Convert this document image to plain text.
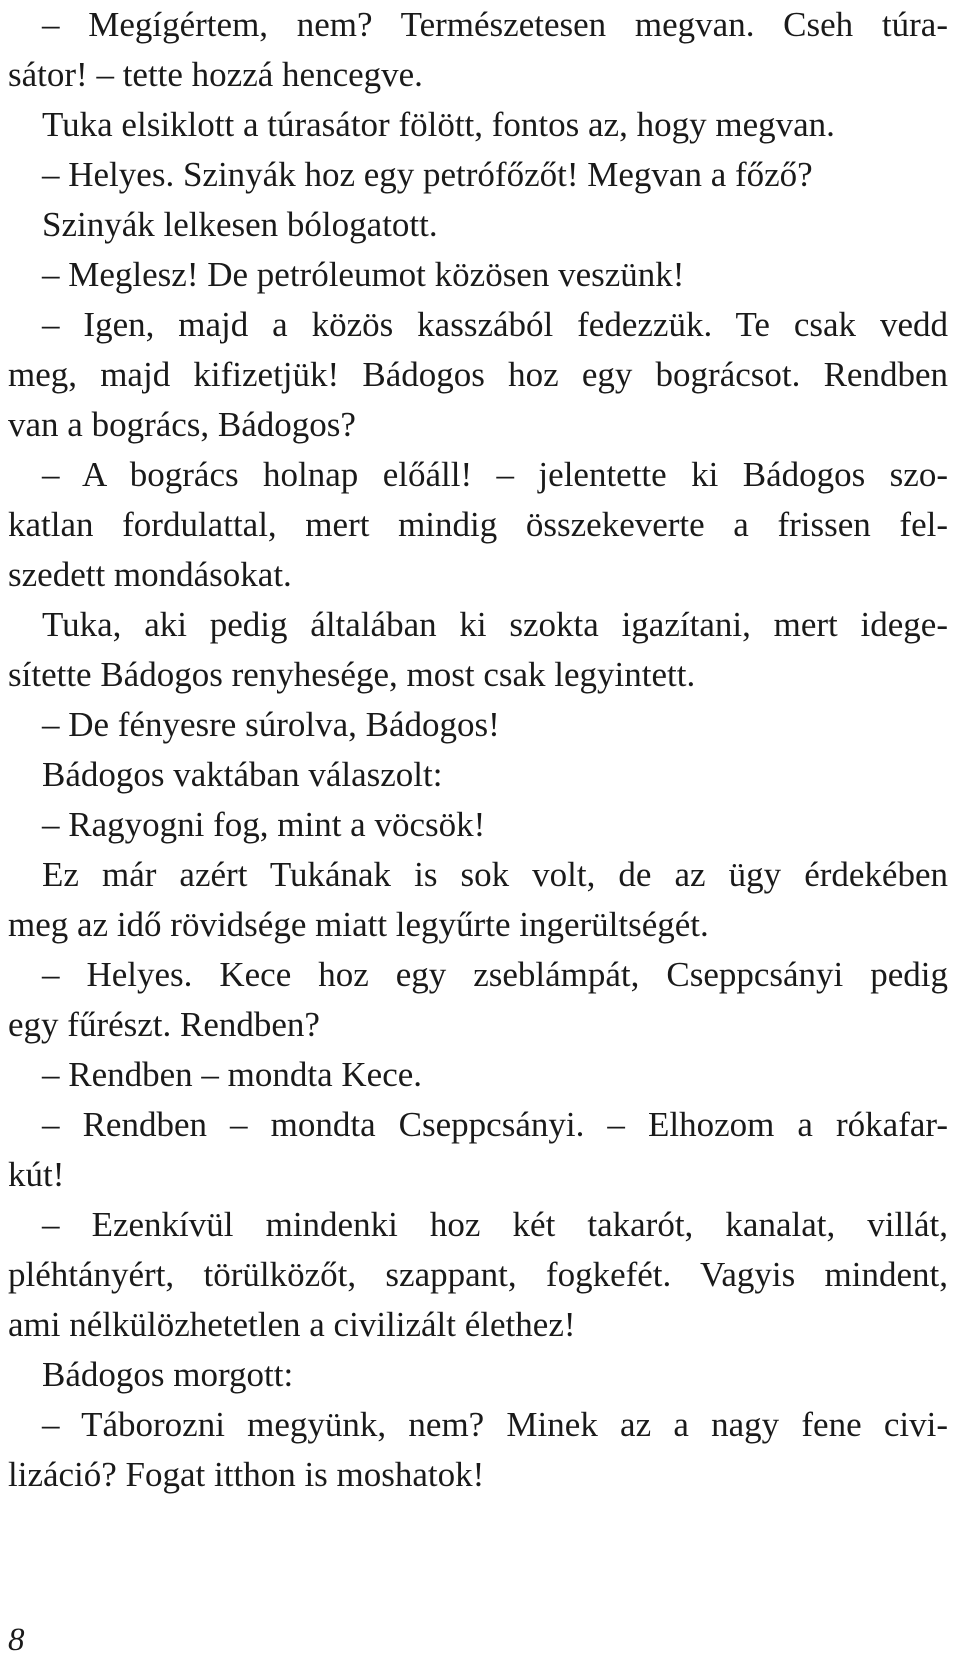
– Megígértem, nem? Természetesen megvan. Cseh túra-
sátor! – tette hozzá hencegve.
Tuka elsiklott a túrasátor fölött, fontos az, hogy megvan.
– Helyes. Szinyák hoz egy petrófőzőt! Megvan a főző?
Szinyák lelkesen bólogatott.
– Meglesz! De petróleumot közösen veszünk!
– Igen, majd a közös kasszából fedezzük. Te csak vedd
meg, majd kifizetjük! Bádogos hoz egy bográcsot. Rendben
van a bogrács, Bádogos?
– A bogrács holnap előáll! – jelentette ki Bádogos szo-
katlan fordulattal, mert mindig összekeverte a frissen fel-
szedett mondásokat.
Tuka, aki pedig általában ki szokta igazítani, mert idege-
sítette Bádogos renyhesége, most csak legyintett.
– De fényesre súrolva, Bádogos!
Bádogos vaktában válaszolt:
– Ragyogni fog, mint a vöcsök!
Ez már azért Tukának is sok volt, de az ügy érdekében
meg az idő rövidsége miatt legyűrte ingerültségét.
– Helyes. Kece hoz egy zseblámpát, Cseppcsányi pedig
egy fűrészt. Rendben?
– Rendben – mondta Kece.
– Rendben – mondta Cseppcsányi. – Elhozom a rókafar-
kút!
– Ezenkívül mindenki hoz két takarót, kanalat, villát,
pléhtányért, törülközőt, szappant, fogkefét. Vagyis mindent,
ami nélkülözhetetlen a civilizált élethez!
Bádogos morgott:
– Táborozni megyünk, nem? Minek az a nagy fene civi-
lizáció? Fogat itthon is moshatok!
8
